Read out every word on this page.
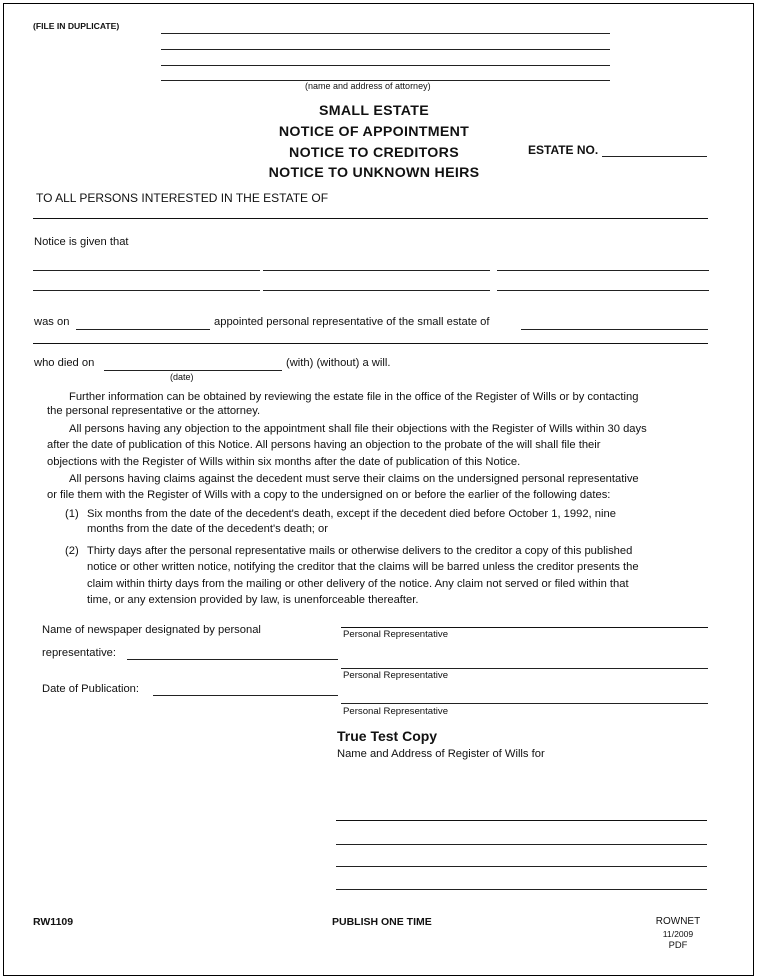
(FILE IN DUPLICATE)
(name and address of attorney)
SMALL ESTATE
NOTICE OF APPOINTMENT
NOTICE TO CREDITORS
NOTICE TO UNKNOWN HEIRS
ESTATE NO.
TO ALL PERSONS INTERESTED IN THE ESTATE OF
Notice is given that
was on	appointed personal representative of the small estate of
who died on	(with) (without) a will.
(date)
Further information can be obtained by reviewing the estate file in the office of the Register of Wills or by contacting
the personal representative or the attorney.
All persons having any objection to the appointment shall file their objections with the Register of Wills within 30 days
after the date of publication of this Notice. All persons having an objection to the probate of the will shall file their
objections with the Register of Wills within six months after the date of publication of this Notice.
All persons having claims against the decedent must serve their claims on the undersigned personal representative
or file them with the Register of Wills with a copy to the undersigned on or before the earlier of the following dates:
(1) Six months from the date of the decedent's death, except if the decedent died before October 1, 1992, nine
months from the date of the decedent's death; or
(2) Thirty days after the personal representative mails or otherwise delivers to the creditor a copy of this published
notice or other written notice, notifying the creditor that the claims will be barred unless the creditor presents the
claim within thirty days from the mailing or other delivery of the notice. Any claim not served or filed within that
time, or any extension provided by law, is unenforceable thereafter.
Name of newspaper designated by personal
representative:
Date of Publication:
Personal Representative
Personal Representative
Personal Representative
True Test Copy
Name and Address of Register of Wills for
RW1109	PUBLISH ONE TIME	ROWNET
11/2009
PDF
